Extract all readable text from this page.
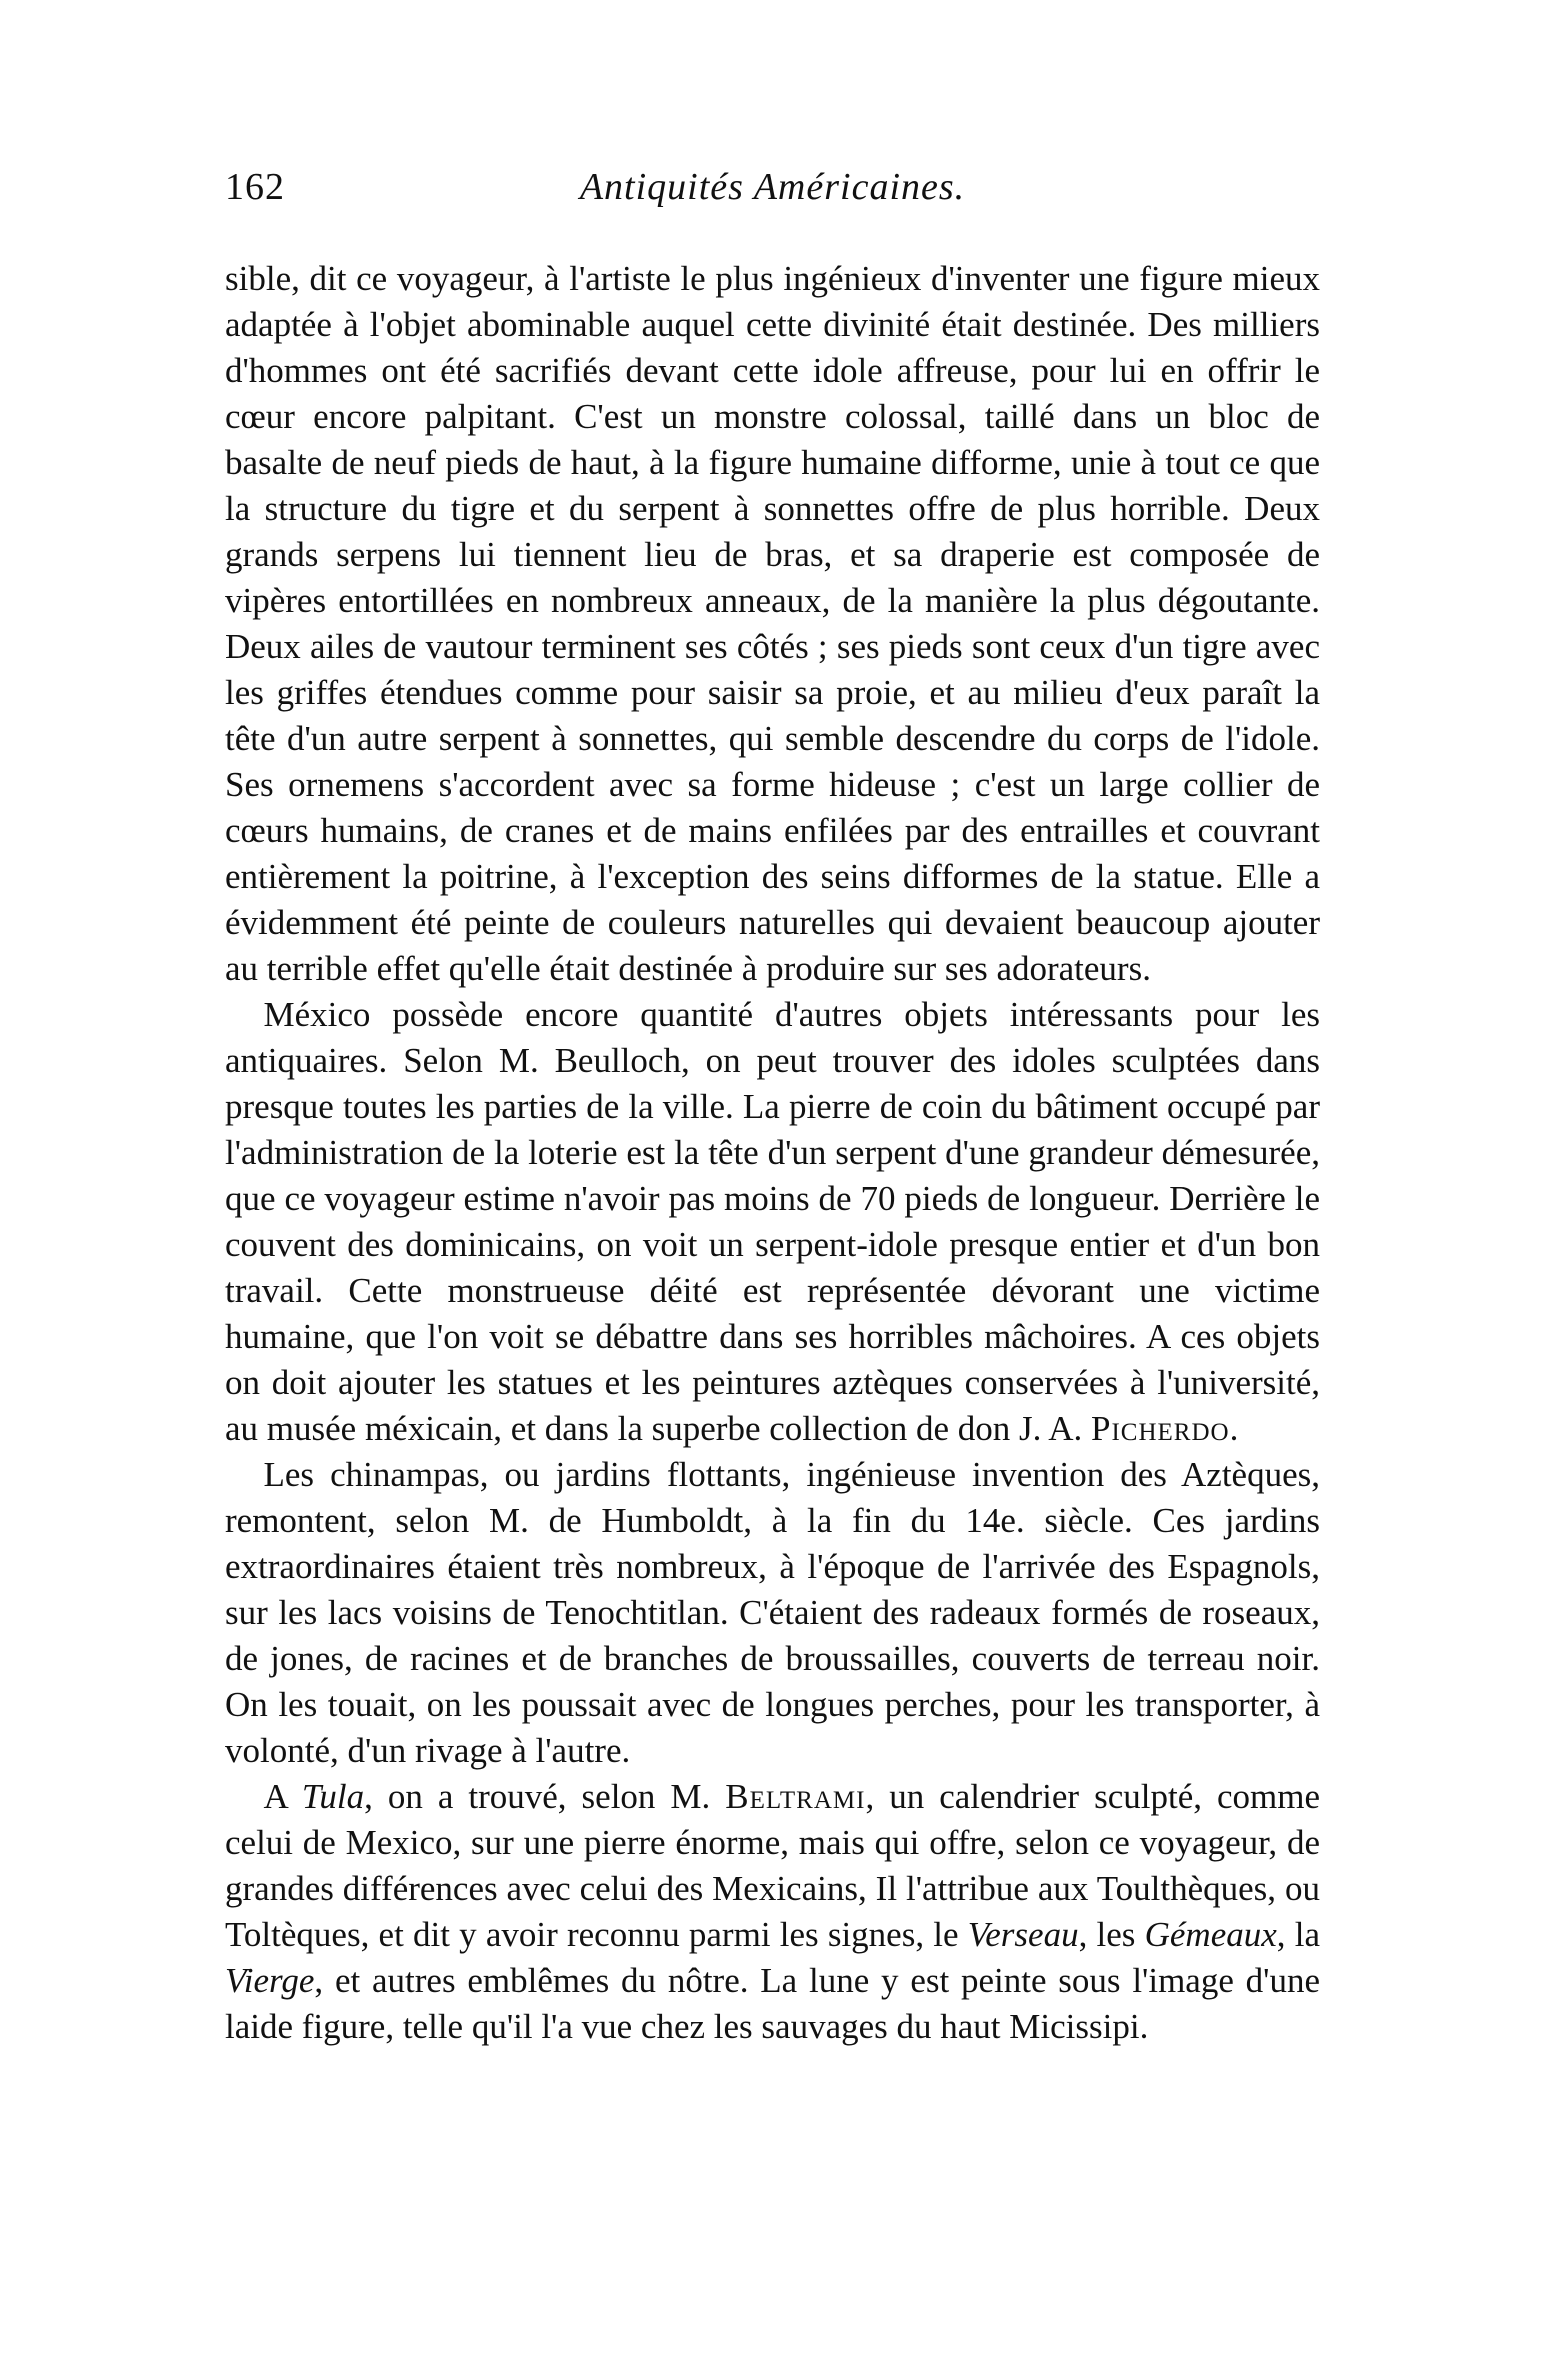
162	Antiquités Américaines.

sible, dit ce voyageur, à l'artiste le plus ingénieux d'inventer une figure mieux adaptée à l'objet abominable auquel cette divinité était destinée. Des milliers d'hommes ont été sacrifiés devant cette idole affreuse, pour lui en offrir le cœur encore palpitant. C'est un monstre colossal, taillé dans un bloc de basalte de neuf pieds de haut, à la figure humaine difforme, unie à tout ce que la structure du tigre et du serpent à sonnettes offre de plus horrible. Deux grands serpens lui tiennent lieu de bras, et sa draperie est composée de vipères entortillées en nombreux anneaux, de la manière la plus dégoutante. Deux ailes de vautour terminent ses côtés ; ses pieds sont ceux d'un tigre avec les griffes étendues comme pour saisir sa proie, et au milieu d'eux paraît la tête d'un autre serpent à sonnettes, qui semble descendre du corps de l'idole. Ses ornemens s'accordent avec sa forme hideuse ; c'est un large collier de cœurs humains, de cranes et de mains enfilées par des entrailles et couvrant entièrement la poitrine, à l'exception des seins difformes de la statue. Elle a évidemment été peinte de couleurs naturelles qui devaient beaucoup ajouter au terrible effet qu'elle était destinée à produire sur ses adorateurs.

México possède encore quantité d'autres objets intéressants pour les antiquaires. Selon M. Beulloch, on peut trouver des idoles sculptées dans presque toutes les parties de la ville. La pierre de coin du bâtiment occupé par l'administration de la loterie est la tête d'un serpent d'une grandeur démesurée, que ce voyageur estime n'avoir pas moins de 70 pieds de longueur. Derrière le couvent des dominicains, on voit un serpent-idole presque entier et d'un bon travail. Cette monstrueuse déité est représentée dévorant une victime humaine, que l'on voit se débattre dans ses horribles mâchoires. A ces objets on doit ajouter les statues et les peintures aztèques conservées à l'université, au musée méxicain, et dans la superbe collection de don J. A. Picherdo.

Les chinampas, ou jardins flottants, ingénieuse invention des Aztèques, remontent, selon M. de Humboldt, à la fin du 14e. siècle. Ces jardins extraordinaires étaient très nombreux, à l'époque de l'arrivée des Espagnols, sur les lacs voisins de Tenochtitlan. C'étaient des radeaux formés de roseaux, de jones, de racines et de branches de broussailles, couverts de terreau noir. On les touait, on les poussait avec de longues perches, pour les transporter, à volonté, d'un rivage à l'autre.

A Tula, on a trouvé, selon M. Beltrami, un calendrier sculpté, comme celui de Mexico, sur une pierre énorme, mais qui offre, selon ce voyageur, de grandes différences avec celui des Mexicains, Il l'attribue aux Toulthèques, ou Toltèques, et dit y avoir reconnu parmi les signes, le Verseau, les Gémeaux, la Vierge, et autres emblêmes du nôtre. La lune y est peinte sous l'image d'une laide figure, telle qu'il l'a vue chez les sauvages du haut Micissipi.
